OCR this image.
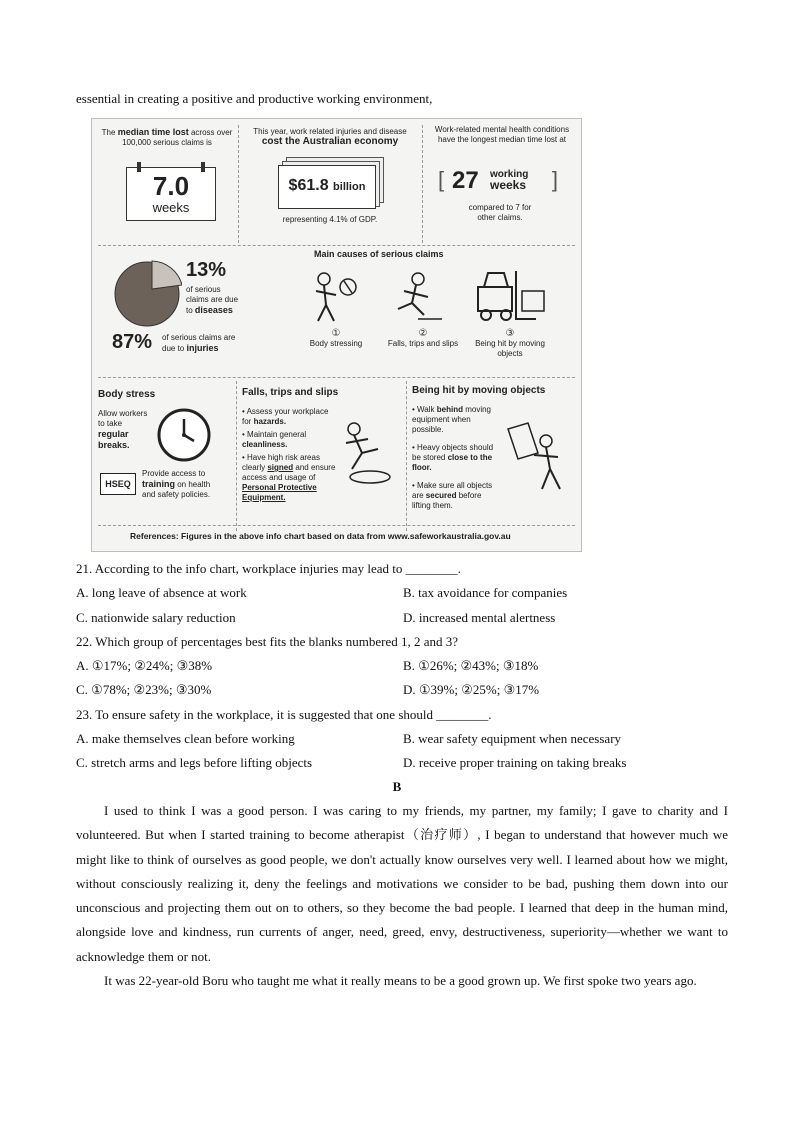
essential in creating a positive and productive working environment,
The median time lost across over 100,000 serious claims is
7.0
weeks
This year, work related injuries and disease
cost the Australian economy
$61.8 billion
representing 4.1% of GDP.
Work-related mental health conditions have the longest median time lost at
[ 27 working
weeks ]
compared to 7 for other claims.
13%
of serious
claims are due
to diseases
87% of serious claims are due to injuries
Main causes of serious claims
①
Body stressing
②
Falls, trips and slips
③
Being hit by moving objects
Body stress
Allow workers to take regular breaks.
HSEQ
Provide access to training on health and safety policies.
Falls, trips and slips
• Assess your workplace for hazards.
• Maintain general cleanliness.
• Have high risk areas clearly signed and ensure access and usage of Personal Protective Equipment.
Being hit by moving objects
• Walk behind moving equipment when possible.
• Heavy objects should be stored close to the floor.
• Make sure all objects are secured before lifting them.
References: Figures in the above info chart based on data from www.safeworkaustralia.gov.au
21. According to the info chart, workplace injuries may lead to ________.
A. long leave of absence at work	B. tax avoidance for companies
C. nationwide salary reduction	D. increased mental alertness
22. Which group of percentages best fits the blanks numbered 1, 2 and 3?
A. ①17%; ②24%; ③38%	B. ①26%; ②43%; ③18%
C. ①78%; ②23%; ③30%	D. ①39%; ②25%; ③17%
23. To ensure safety in the workplace, it is suggested that one should ________.
A. make themselves clean before working	B. wear safety equipment when necessary
C. stretch arms and legs before lifting objects	D. receive proper training on taking breaks
B
I used to think I was a good person. I was caring to my friends, my partner, my family; I gave to charity and I volunteered. But when I started training to become atherapist（治疗师）, I began to understand that however much we might like to think of ourselves as good people, we don't actually know ourselves very well. I learned about how we might, without consciously realizing it, deny the feelings and motivations we consider to be bad, pushing them down into our unconscious and projecting them out on to others, so they become the bad people. I learned that deep in the human mind, alongside love and kindness, run currents of anger, need, greed, envy, destructiveness, superiority—whether we want to acknowledge them or not.
It was 22-year-old Boru who taught me what it really means to be a good grown up. We first spoke two years ago.
